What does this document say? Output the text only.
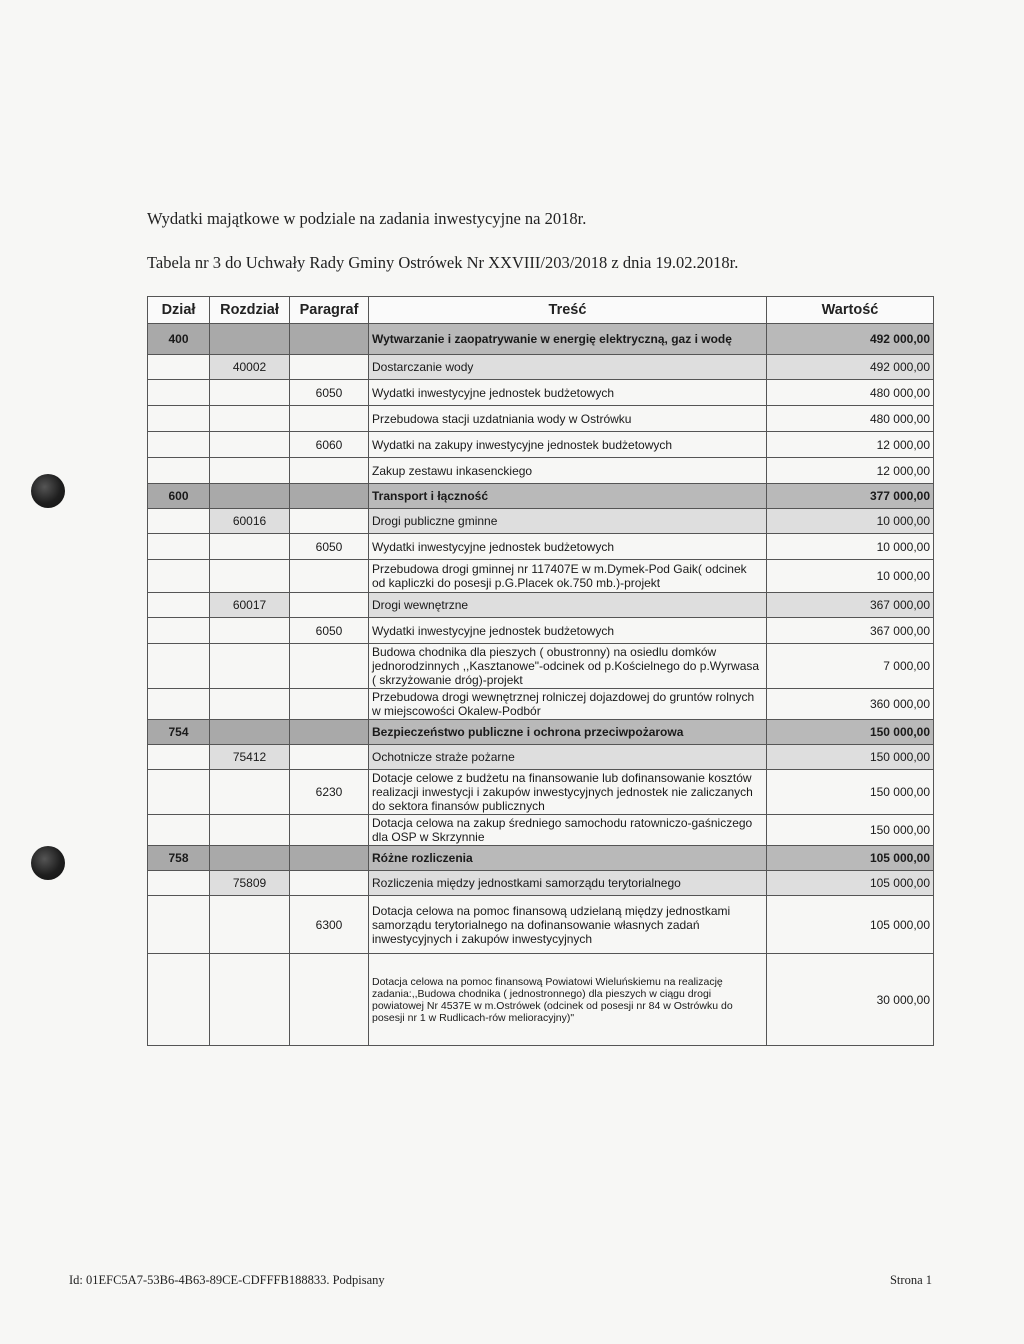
Wydatki majątkowe w podziale na zadania inwestycyjne na 2018r.
Tabela nr 3 do Uchwały Rady Gminy Ostrówek Nr XXVIII/203/2018 z dnia 19.02.2018r.
Dział	Rozdział	Paragraf	Treść	Wartość
400			Wytwarzanie i zaopatrywanie w energię elektryczną, gaz i wodę	492 000,00
	40002		Dostarczanie wody	492 000,00
		6050	Wydatki inwestycyjne jednostek budżetowych	480 000,00
			Przebudowa stacji uzdatniania wody w Ostrówku	480 000,00
		6060	Wydatki na zakupy inwestycyjne jednostek budżetowych	12 000,00
			Zakup zestawu inkasenckiego	12 000,00
600			Transport i łączność	377 000,00
	60016		Drogi publiczne gminne	10 000,00
		6050	Wydatki inwestycyjne jednostek budżetowych	10 000,00
			Przebudowa drogi gminnej nr 117407E w m.Dymek-Pod Gaik( odcinek od kapliczki do posesji p.G.Placek ok.750 mb.)-projekt	10 000,00
	60017		Drogi wewnętrzne	367 000,00
		6050	Wydatki inwestycyjne jednostek budżetowych	367 000,00
			Budowa chodnika dla pieszych ( obustronny) na osiedlu domków jednorodzinnych ,,Kasztanowe"-odcinek od p.Kościelnego do p.Wyrwasa ( skrzyżowanie dróg)-projekt	7 000,00
			Przebudowa drogi wewnętrznej rolniczej dojazdowej do gruntów rolnych w miejscowości Okalew-Podbór	360 000,00
754			Bezpieczeństwo publiczne i ochrona przeciwpożarowa	150 000,00
	75412		Ochotnicze straże pożarne	150 000,00
		6230	Dotacje celowe z budżetu na finansowanie lub dofinansowanie kosztów realizacji inwestycji i zakupów inwestycyjnych jednostek nie zaliczanych do sektora finansów publicznych	150 000,00
			Dotacja celowa na zakup średniego samochodu ratowniczo-gaśniczego dla OSP w Skrzynnie	150 000,00
758			Różne rozliczenia	105 000,00
	75809		Rozliczenia między jednostkami samorządu terytorialnego	105 000,00
		6300	Dotacja celowa na pomoc finansową udzielaną między jednostkami samorządu terytorialnego na dofinansowanie własnych zadań inwestycyjnych i zakupów inwestycyjnych	105 000,00
			Dotacja celowa na pomoc finansową Powiatowi Wieluńskiemu na realizację zadania:,,Budowa chodnika ( jednostronnego) dla pieszych w ciągu drogi powiatowej Nr 4537E w m.Ostrówek (odcinek od posesji nr 84 w Ostrówku do posesji nr 1 w Rudlicach-rów melioracyjny)"	30 000,00
Id: 01EFC5A7-53B6-4B63-89CE-CDFFFB188833. Podpisany	Strona 1
